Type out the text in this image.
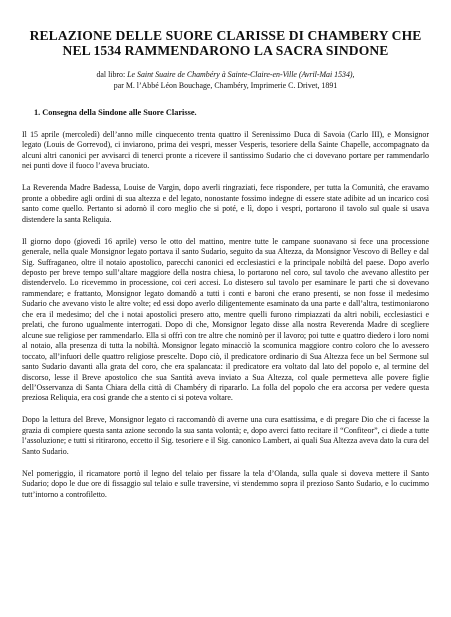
RELAZIONE DELLE SUORE CLARISSE DI CHAMBERY CHE
NEL 1534 RAMMENDARONO LA SACRA SINDONE

dal libro: Le Saint Suaire de Chambéry à Sainte-Claire-en-Ville (Avril-Mai 1534),
par M. l’Abbé Léon Bouchage, Chambéry, Imprimerie C. Drivet, 1891

1. Consegna della Sindone alle Suore Clarisse.

Il 15 aprile (mercoledì) dell’anno mille cinquecento trenta quattro il Serenissimo Duca di Savoia (Carlo III), e Monsignor legato (Louis de Gorrevod), ci inviarono, prima dei vespri, messer Vesperis, tesoriere della Sainte Chapelle, accompagnato da alcuni altri canonici per avvisarci di tenerci pronte a ricevere il santissimo Sudario che ci dovevano portare per rammendarlo nei punti dove il fuoco l’aveva bruciato.

La Reverenda Madre Badessa, Louise de Vargin, dopo averli ringraziati, fece rispondere, per tutta la Comunità, che eravamo pronte a obbedire agli ordini di sua altezza e del legato, nonostante fossimo indegne di essere state adibite ad un incarico così santo come quello. Pertanto si adornò il coro meglio che si poté, e lì, dopo i vespri, portarono il tavolo sul quale si usava distendere la santa Reliquia.

Il giorno dopo (giovedì 16 aprile) verso le otto del mattino, mentre tutte le campane suonavano si fece una processione generale, nella quale Monsignor legato portava il santo Sudario, seguito da sua Altezza, da Monsignor Vescovo di Belley e dal Sig. Suffraganeo, oltre il notaio apostolico, parecchi canonici ed ecclesiastici e la principale nobiltà del paese. Dopo averlo deposto per breve tempo sull’altare maggiore della nostra chiesa, lo portarono nel coro, sul tavolo che avevano allestito per distendervelo. Lo ricevemmo in processione, coi ceri accesi. Lo distesero sul tavolo per esaminare le parti che si dovevano rammendare; e frattanto, Monsignor legato domandò a tutti i conti e baroni che erano presenti, se non fosse il medesimo Sudario che avevano visto le altre volte; ed essi dopo averlo diligentemente esaminato da una parte e dall’altra, testimoniarono che era il medesimo; del che i notai apostolici presero atto, mentre quelli furono rimpiazzati da altri nobili, ecclesiastici e prelati, che furono ugualmente interrogati. Dopo di che, Monsignor legato disse alla nostra Reverenda Madre di scegliere alcune sue religiose per rammendarlo. Ella si offrì con tre altre che nominò per il lavoro; poi tutte e quattro diedero i loro nomi al notaio, alla presenza di tutta la nobiltà. Monsignor legato minacciò la scomunica maggiore contro coloro che lo avessero toccato, all’infuori delle quattro religiose prescelte. Dopo ciò, il predicatore ordinario di Sua Altezza fece un bel Sermone sul santo Sudario davanti alla grata del coro, che era spalancata: il predicatore era voltato dal lato del popolo e, al termine del discorso, lesse il Breve apostolico che sua Santità aveva inviato a Sua Altezza, col quale permetteva alle povere figlie dell’Osservanza di Santa Chiara della città di Chambéry di ripararlo. La folla del popolo che era accorsa per vedere questa preziosa Reliquia, era così grande che a stento ci si poteva voltare.

Dopo la lettura del Breve, Monsignor legato ci raccomandò di averne una cura esattissima, e di pregare Dio che ci facesse la grazia di compiere questa santa azione secondo la sua santa volontà; e, dopo averci fatto recitare il “Confiteor”, ci diede a tutte l’assoluzione; e tutti si ritirarono, eccetto il Sig. tesoriere e il Sig. canonico Lambert, ai quali Sua Altezza aveva dato la cura del Santo Sudario.

Nel pomeriggio, il ricamatore portò il legno del telaio per fissare la tela d’Olanda, sulla quale si doveva mettere il Santo Sudario; dopo le due ore di fissaggio sul telaio e sulle traversine, vi stendemmo sopra il prezioso Santo Sudario, e lo cucimmo tutt’intorno a controfiletto.
